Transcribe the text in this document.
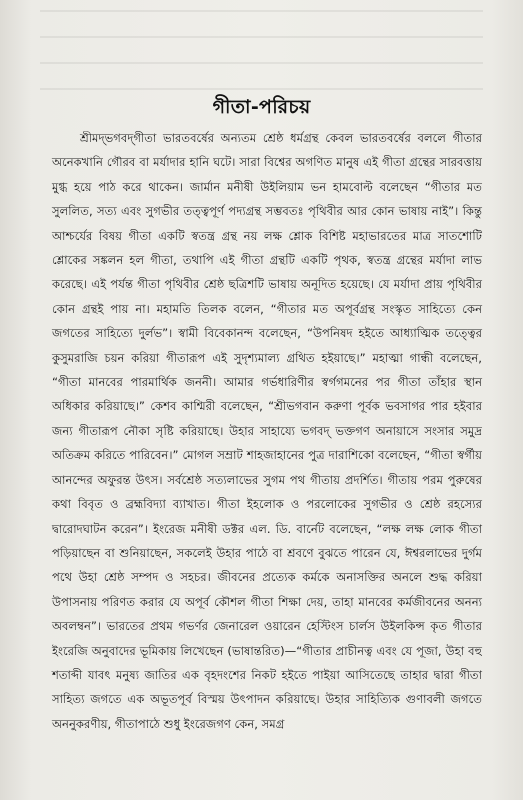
গীতা-পরিচয়

শ্রীমদ্‌ভগবদ্‌গীতা ভারতবর্ষের অন্যতম শ্রেষ্ঠ ধর্মগ্রন্থ কেবল ভারতবর্ষের বললে গীতার অনেকখানি গৌরব বা মর্যাদার হানি ঘটে। সারা বিশ্বের অগণিত মানুষ এই গীতা গ্রন্থের সারবত্তায় মুগ্ধ হয়ে পাঠ করে থাকেন। জার্মান মনীষী উইলিয়াম ভন হামবোল্ট বলেছেন “গীতার মত সুললিত, সত্য এবং সুগভীর তত্ত্বপূর্ণ পদ্যগ্রন্থ সম্ভবতঃ পৃথিবীর আর কোন ভাষায় নাই”। কিন্তু আশ্চর্যের বিষয় গীতা একটি স্বতন্ত্র গ্রন্থ নয় লক্ষ শ্লোক বিশিষ্ট মহাভারতের মাত্র সাতশোটি শ্লোকের সঙ্কলন হল গীতা, তথাপি এই গীতা গ্রন্থটি একটি পৃথক, স্বতন্ত্র গ্রন্থের মর্যাদা লাভ করেছে। এই পর্যন্ত গীতা পৃথিবীর শ্রেষ্ঠ ছত্রিশটি ভাষায় অনূদিত হয়েছে। যে মর্যাদা প্রায় পৃথিবীর কোন গ্রন্থই পায় না। মহামতি তিলক বলেন, “গীতার মত অপূর্বগ্রন্থ সংস্কৃত সাহিত্যে কেন জগতের সাহিত্যে দুর্লভ”। স্বামী বিবেকানন্দ বলেছেন, “উপনিষদ হইতে আধ্যাত্মিক তত্ত্বের কুসুমরাজি চয়ন করিয়া গীতারূপ এই সুদৃশ্যমাল্য গ্রথিত হইয়াছে।” মহাত্মা গান্ধী বলেছেন, “গীতা মানবের পারমার্থিক জননী। আমার গর্ভধারিণীর স্বর্গগমনের পর গীতা তাঁহার স্থান অধিকার করিয়াছে।” কেশব কাশ্মিরী বলেছেন, “শ্রীভগবান করুণা পূর্বক ভবসাগর পার হইবার জন্য গীতারূপ নৌকা সৃষ্টি করিয়াছে। উহার সাহায্যে ভগবদ্‌ ভক্তগণ অনায়াসে সংসার সমুদ্র অতিক্রম করিতে পারিবেন।” মোগল সম্রাট শাহজাহানের পুত্র দারাশিকো বলেছেন, “গীতা স্বর্গীয় আনন্দের অফুরন্ত উৎস। সর্বশ্রেষ্ঠ সত্যলাভের সুগম পথ গীতায় প্রদর্শিত। গীতায় পরম পুরুষের কথা বিবৃত ও ব্রহ্মবিদ্যা ব্যাখাত। গীতা ইহলোক ও পরলোকের সুগভীর ও শ্রেষ্ঠ রহস্যের দ্বারোদঘাটন করেন”। ইংরেজ মনীষী ডক্টর এল. ডি. বার্নেট বলেছেন, “লক্ষ লক্ষ লোক গীতা পড়িয়াছেন বা শুনিয়াছেন, সকলেই উহার পাঠে বা শ্রবণে বুঝতে পারেন যে, ঈশ্বরলাভের দুর্গম পথে উহা শ্রেষ্ঠ সম্পদ ও সহচর। জীবনের প্রত্যেক কর্মকে অনাসক্তির অনলে শুদ্ধ করিয়া উপাসনায় পরিণত করার যে অপূর্ব কৌশল গীতা শিক্ষা দেয়, তাহা মানবের কর্মজীবনের অনন্য অবলম্বন”। ভারতের প্রথম গভর্ণর জেনারেল ওয়ারেন হেস্টিংস চার্লস উইলকিন্স কৃত গীতার ইংরেজি অনুবাদের ভূমিকায় লিখেছেন (ভাষান্তরিত)—“গীতার প্রাচীনত্ব এবং যে পূজা, উহা বহু শতাব্দী যাবৎ মনুষ্য জাতির এক বৃহদংশের নিকট হইতে পাইয়া আসিতেছে তাহার দ্বারা গীতা সাহিত্য জগতে এক অভূতপূর্ব বিস্ময় উৎপাদন করিয়াছে। উহার সাহিত্যিক গুণাবলী জগতে অননুকরণীয়, গীতাপাঠে শুধু ইংরেজগণ কেন, সমগ্র
